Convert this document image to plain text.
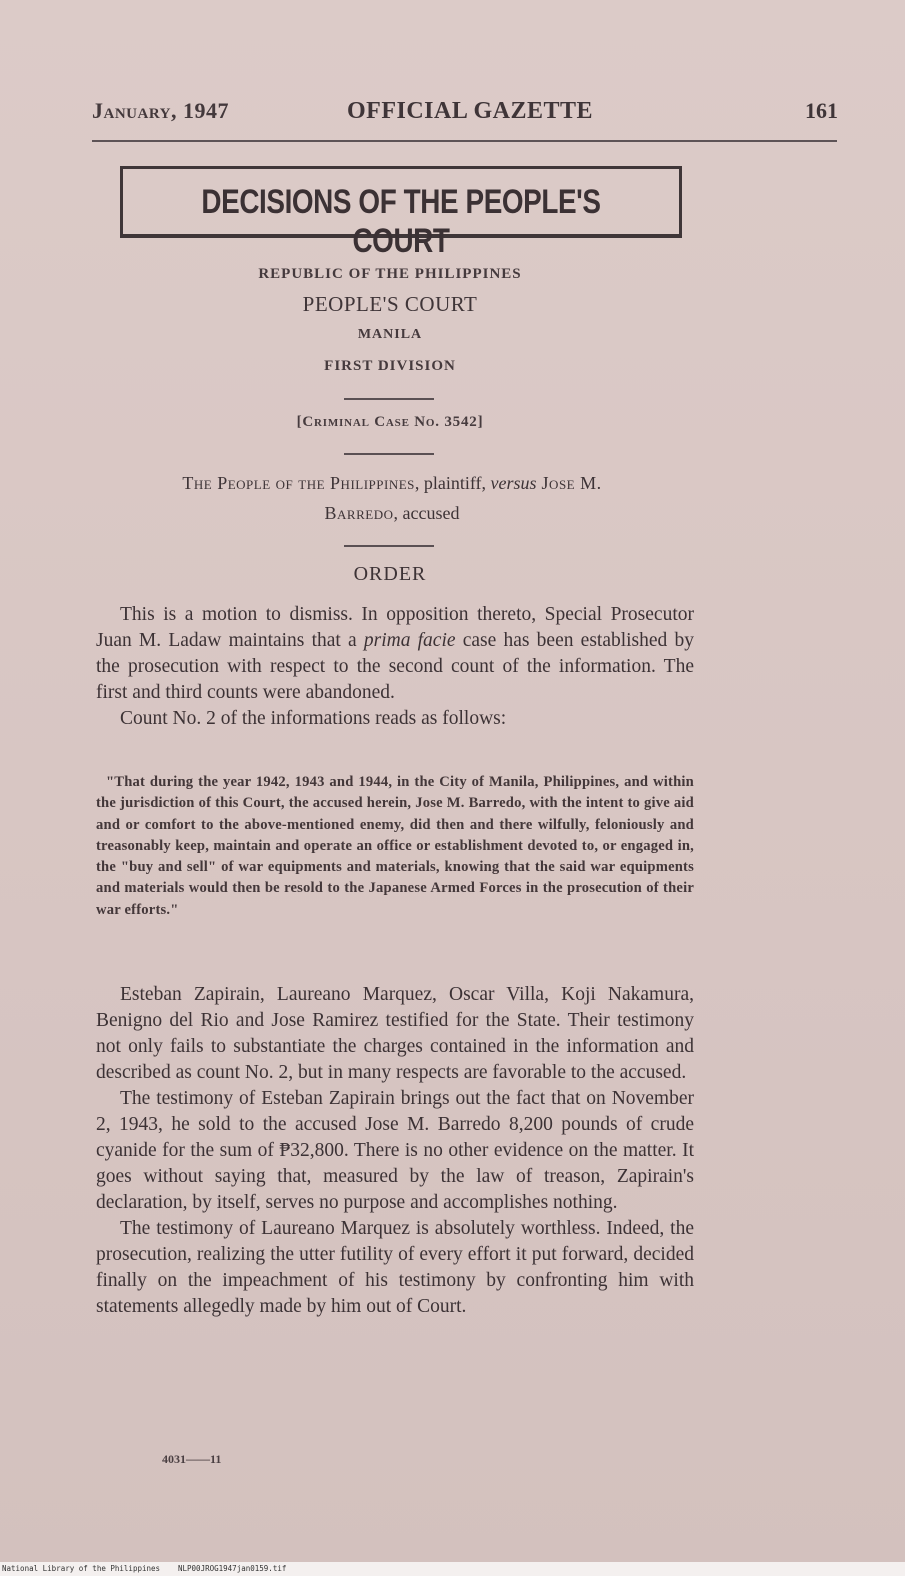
January, 1947	OFFICIAL GAZETTE	161
DECISIONS OF THE PEOPLE'S COURT
REPUBLIC OF THE PHILIPPINES
PEOPLE'S COURT
MANILA
FIRST DIVISION
[Criminal Case No. 3542]
The People of the Philippines, plaintiff, versus Jose M.
Barredo, accused
ORDER

This is a motion to dismiss. In opposition thereto, Special Prosecutor Juan M. Ladaw maintains that a prima facie case has been established by the prosecution with respect to the second count of the information. The first and third counts were abandoned.

Count No. 2 of the informations reads as follows:

"That during the year 1942, 1943 and 1944, in the City of Manila, Philippines, and within the jurisdiction of this Court, the accused herein, Jose M. Barredo, with the intent to give aid and or comfort to the above-mentioned enemy, did then and there wilfully, feloniously and treasonably keep, maintain and operate an office or establishment devoted to, or engaged in, the "buy and sell" of war equipments and materials, knowing that the said war equipments and materials would then be resold to the Japanese Armed Forces in the prosecution of their war efforts."

Esteban Zapirain, Laureano Marquez, Oscar Villa, Koji Nakamura, Benigno del Rio and Jose Ramirez testified for the State. Their testimony not only fails to substantiate the charges contained in the information and described as count No. 2, but in many respects are favorable to the accused.

The testimony of Esteban Zapirain brings out the fact that on November 2, 1943, he sold to the accused Jose M. Barredo 8,200 pounds of crude cyanide for the sum of ₱32,800. There is no other evidence on the matter. It goes without saying that, measured by the law of treason, Zapirain's declaration, by itself, serves no purpose and accomplishes nothing.

The testimony of Laureano Marquez is absolutely worthless. Indeed, the prosecution, realizing the utter futility of every effort it put forward, decided finally on the impeachment of his testimony by confronting him with statements allegedly made by him out of Court.

4031——11
National Library of the Philippines NLP00JROG1947jan0159.tif
